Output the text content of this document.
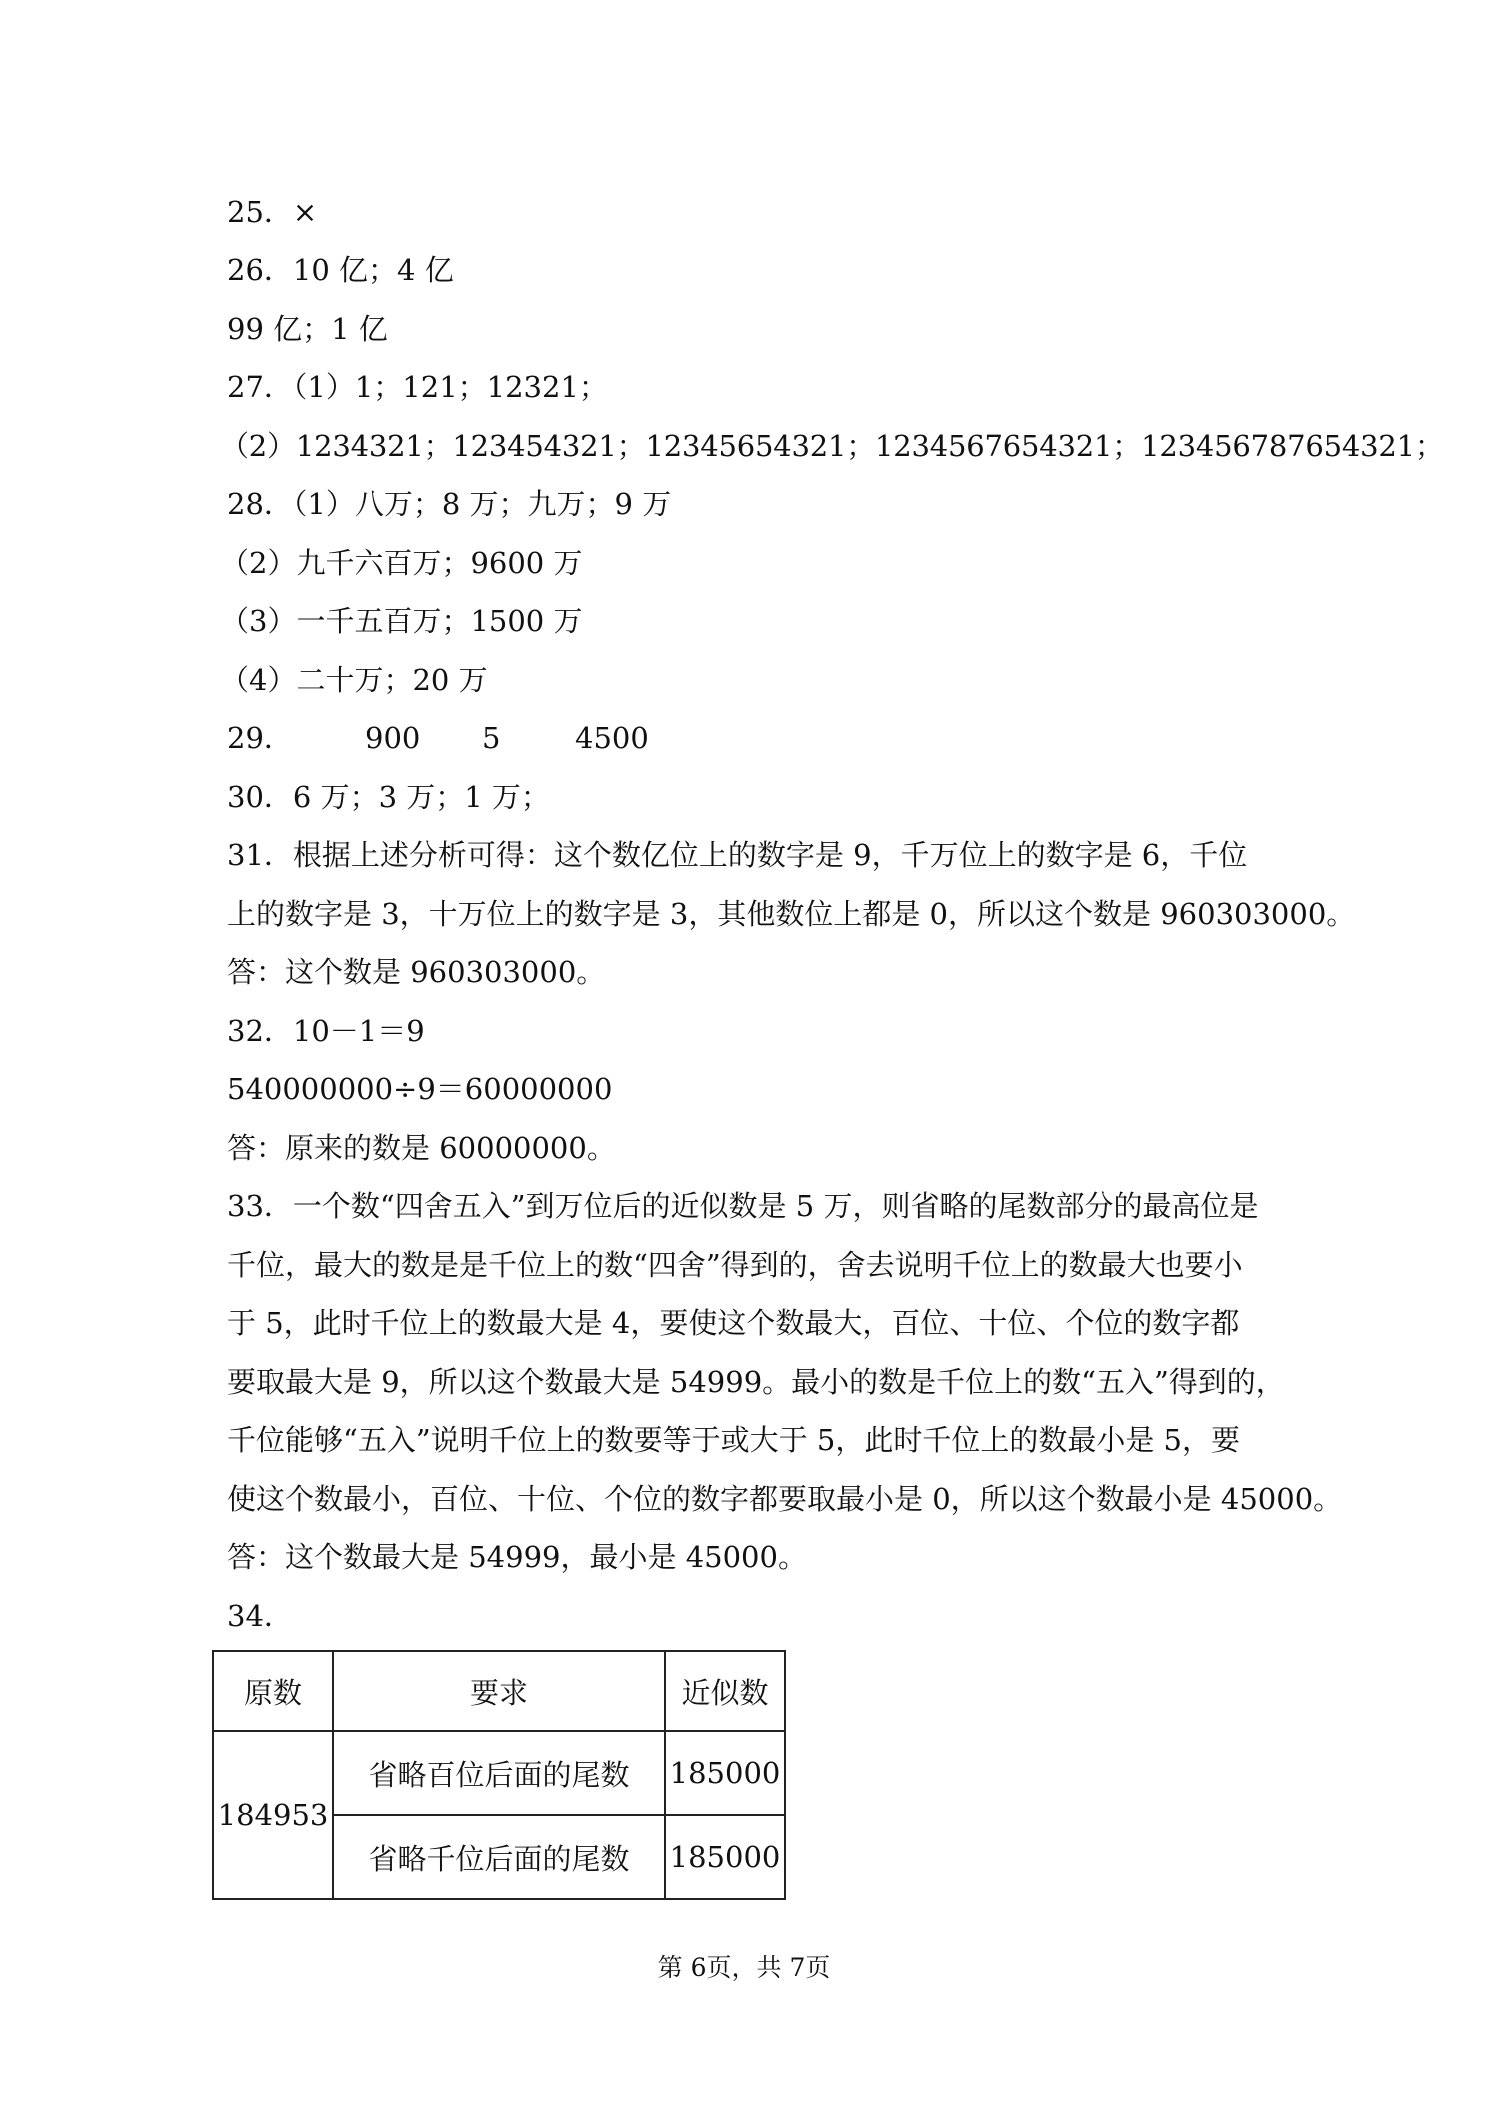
25．×
26．10 亿；4 亿
99 亿；1 亿
27．（1）1；121；12321；
（2）1234321；123454321；12345654321；1234567654321；123456787654321；
28．（1）八万；8 万；九万；9 万
（2）九千六百万；9600 万
（3）一千五百万；1500 万
（4）二十万；20 万
29． 900 5	4500
30．6 万；3 万；1 万；
31．根据上述分析可得：这个数亿位上的数字是 9，千万位上的数字是 6，千位
上的数字是 3，十万位上的数字是 3，其他数位上都是 0，所以这个数是 960303000。
答：这个数是 960303000。
32．10－1＝9
540000000÷9＝60000000
答：原来的数是 60000000。
33．一个数“四舍五入”到万位后的近似数是 5 万，则省略的尾数部分的最高位是
千位，最大的数是是千位上的数“四舍”得到的，舍去说明千位上的数最大也要小
于 5，此时千位上的数最大是 4，要使这个数最大，百位、十位、个位的数字都
要取最大是 9，所以这个数最大是 54999。最小的数是千位上的数“五入”得到的，
千位能够“五入”说明千位上的数要等于或大于 5，此时千位上的数最小是 5，要
使这个数最小，百位、十位、个位的数字都要取最小是 0，所以这个数最小是 45000。
答：这个数最大是 54999，最小是 45000。
34．
原数	要求	近似数
184953	省略百位后面的尾数	185000
	省略千位后面的尾数	185000
第 6页，共 7页
